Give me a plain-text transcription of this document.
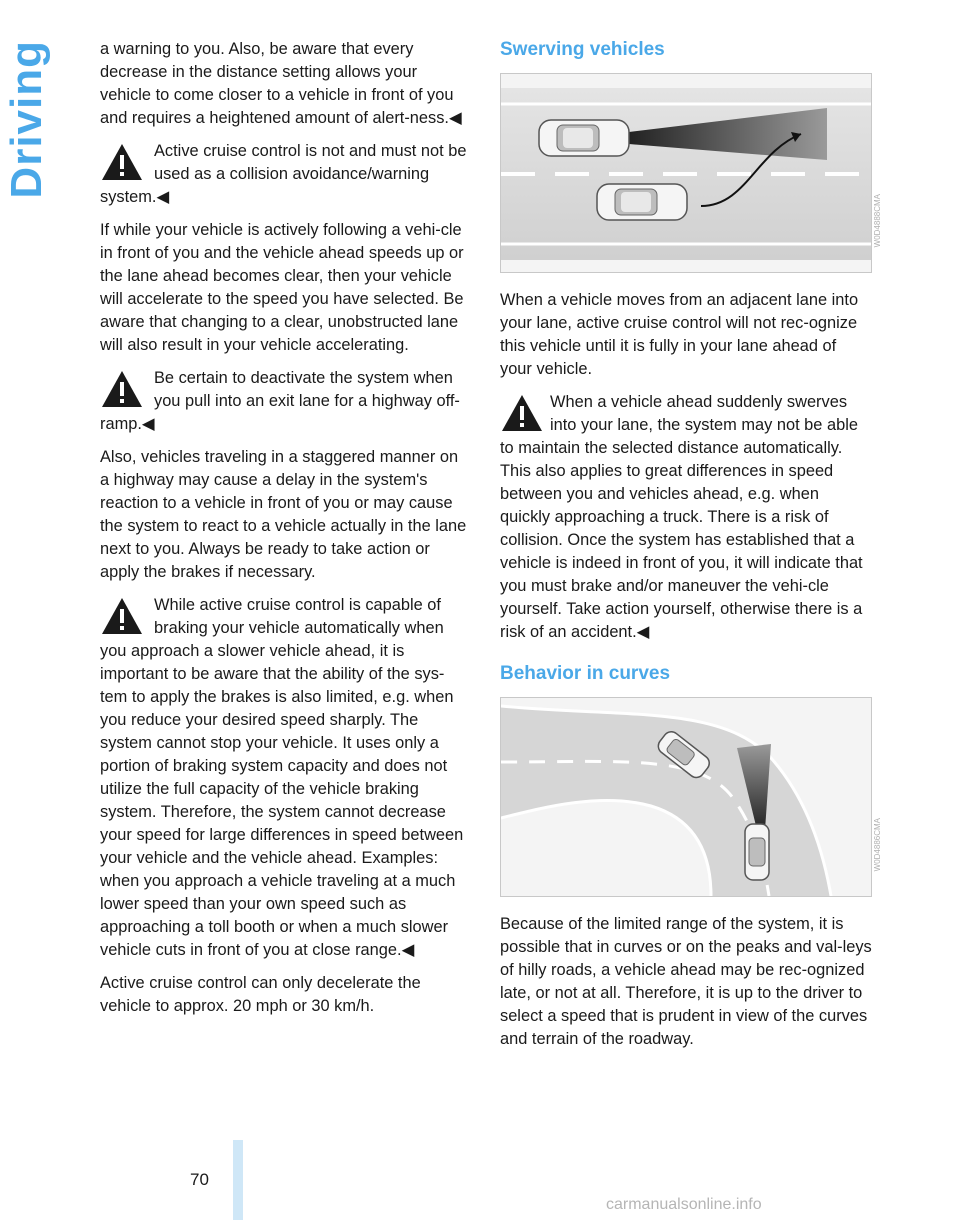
Driving	a warning to you. Also, be aware that every decrease in the distance setting allows your vehicle to come closer to a vehicle in front of you and requires a heightened amount of alert-ness.◀

Active cruise control is not and must not be used as a collision avoidance/warning system.◀

If while your vehicle is actively following a vehi-cle in front of you and the vehicle ahead speeds up or the lane ahead becomes clear, then your vehicle will accelerate to the speed you have selected. Be aware that changing to a clear, unobstructed lane will also result in your vehicle accelerating.

Be certain to deactivate the system when you pull into an exit lane for a highway off-ramp.◀

Also, vehicles traveling in a staggered manner on a highway may cause a delay in the system's reaction to a vehicle in front of you or may cause the system to react to a vehicle actually in the lane next to you. Always be ready to take action or apply the brakes if necessary.

While active cruise control is capable of braking your vehicle automatically when you approach a slower vehicle ahead, it is important to be aware that the ability of the sys-tem to apply the brakes is also limited, e.g. when you reduce your desired speed sharply. The system cannot stop your vehicle. It uses only a portion of braking system capacity and does not utilize the full capacity of the vehicle braking system. Therefore, the system cannot decrease your speed for large differences in speed between your vehicle and the vehicle ahead. Examples: when you approach a vehicle traveling at a much lower speed than your own speed such as approaching a toll booth or when a much slower vehicle cuts in front of you at close range.◀

Active cruise control can only decelerate the vehicle to approx. 20 mph or 30 km/h.

Swerving vehicles
W0D4888CMA

When a vehicle moves from an adjacent lane into your lane, active cruise control will not rec-ognize this vehicle until it is fully in your lane ahead of your vehicle.

When a vehicle ahead suddenly swerves into your lane, the system may not be able to maintain the selected distance automatically. This also applies to great differences in speed between you and vehicles ahead, e.g. when quickly approaching a truck. There is a risk of collision. Once the system has established that a vehicle is indeed in front of you, it will indicate that you must brake and/or maneuver the vehi-cle yourself. Take action yourself, otherwise there is a risk of an accident.◀
Behavior in curves
W0D4886CMA

Because of the limited range of the system, it is possible that in curves or on the peaks and val-leys of hilly roads, a vehicle ahead may be rec-ognized late, or not at all. Therefore, it is up to the driver to select a speed that is prudent in view of the curves and terrain of the roadway.

70
carmanualsonline.info
